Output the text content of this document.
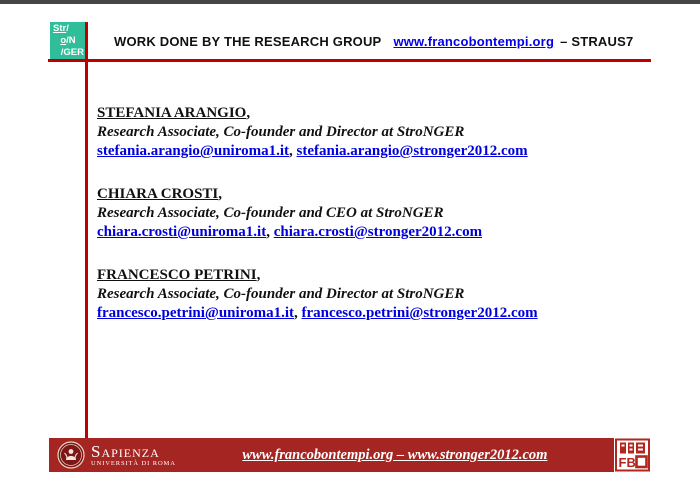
Str/
o/N
/GER
WORK DONE BY THE RESEARCH GROUP www.francobontempi.org – STRAUS7
STEFANIA ARANGIO,
Research Associate, Co-founder and Director at StroNGER
stefania.arangio@uniroma1.it, stefania.arangio@stronger2012.com
CHIARA CROSTI,
Research Associate, Co-founder and CEO at StroNGER
chiara.crosti@uniroma1.it, chiara.crosti@stronger2012.com
FRANCESCO PETRINI,
Research Associate, Co-founder and Director at StroNGER
francesco.petrini@uniroma1.it, francesco.petrini@stronger2012.com
Sapienza
UNIVERSITÀ DI ROMA	www.francobontempi.org – www.stronger2012.com	FB
